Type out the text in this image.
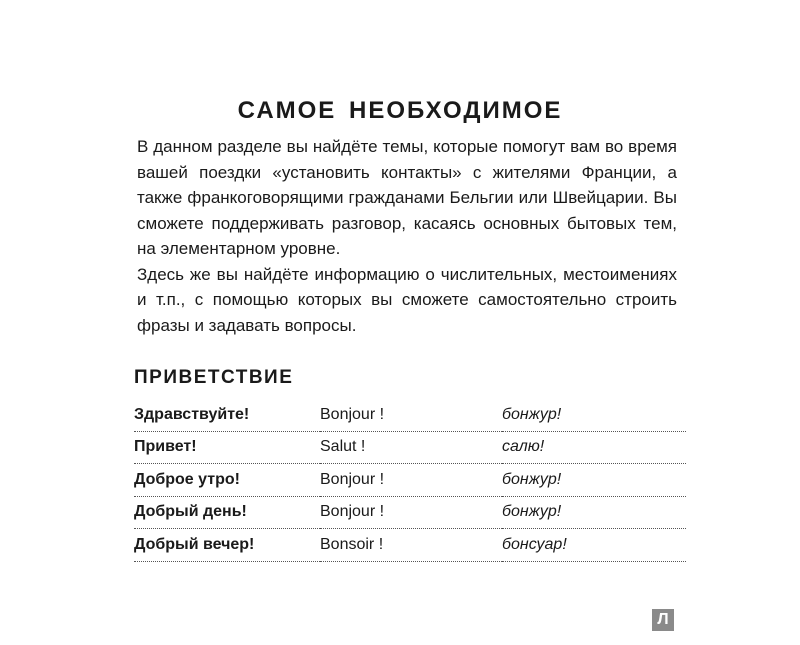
САМОЕ НЕОБХОДИМОЕ

В данном разделе вы найдёте темы, которые помогут вам во время вашей поездки «установить контакты» с жителями Франции, а также франкоговорящими гражданами Бельгии или Швейцарии. Вы сможете поддерживать разговор, касаясь основных бытовых тем, на элементарном уровне.

Здесь же вы найдёте информацию о числительных, местоимениях и т.п., с помощью которых вы сможете самостоятельно строить фразы и задавать вопросы.

ПРИВЕТСТВИЕ
Здравствуйте!	Bonjour !	бонжур!
Привет!	Salut !	салю!
Доброе утро!	Bonjour !	бонжур!
Добрый день!	Bonjour !	бонжур!
Добрый вечер!	Bonsoir !	бонсуар!
Л
